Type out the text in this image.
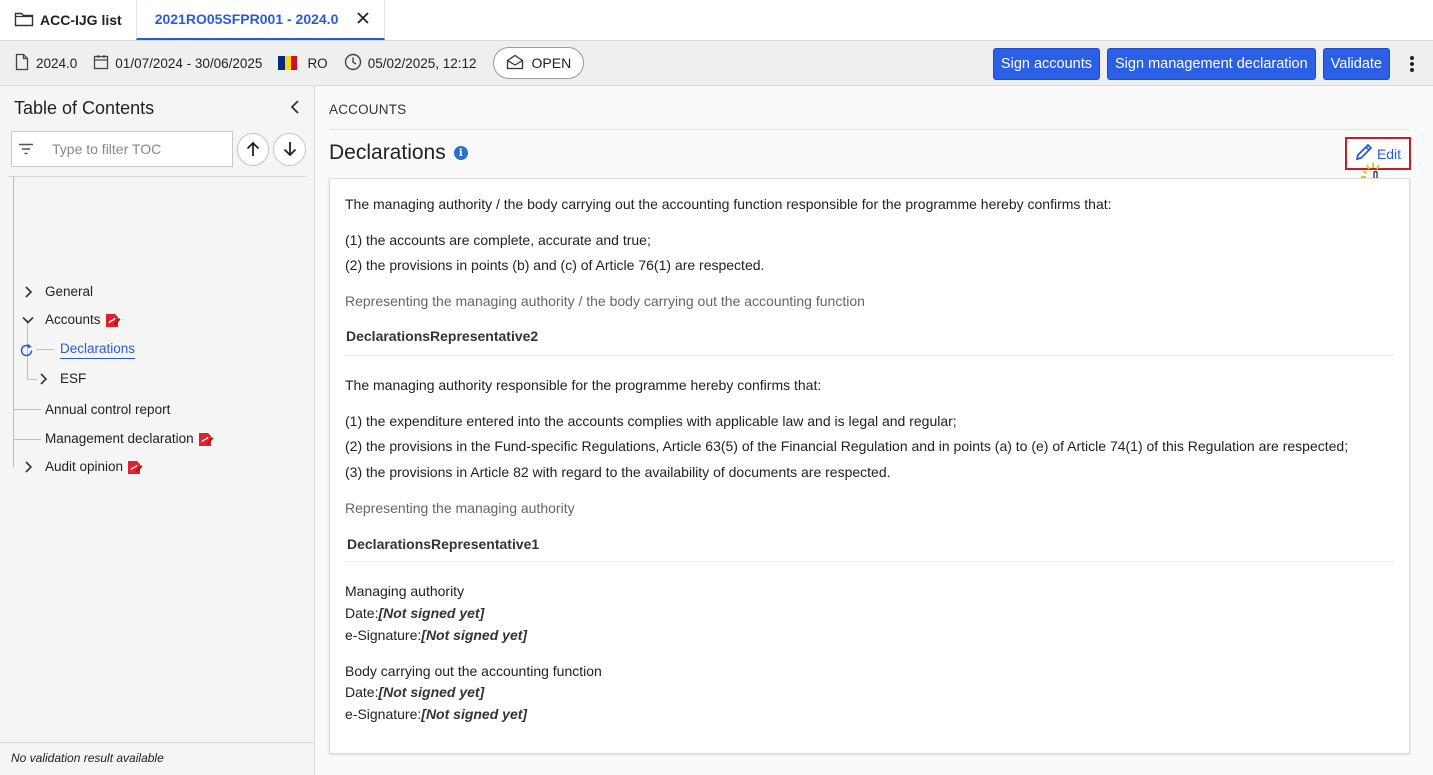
ACC-IJG list 2021RO05SFPR001 - 2024.0
2024.0	01/07/2024 - 30/06/2025	RO	05/02/2025, 12:12	OPEN	Sign accounts	Sign management declaration	Validate
Table of Contents
Type to filter TOC
General
Accounts
Declarations
ESF
Annual control report
Management declaration
Audit opinion
No validation result available
ACCOUNTS
Declarations	i	Edit
The managing authority / the body carrying out the accounting function responsible for the programme hereby confirms that:
(1) the accounts are complete, accurate and true;
(2) the provisions in points (b) and (c) of Article 76(1) are respected.
Representing the managing authority / the body carrying out the accounting function
DeclarationsRepresentative2
The managing authority responsible for the programme hereby confirms that:
(1) the expenditure entered into the accounts complies with applicable law and is legal and regular;
(2) the provisions in the Fund-specific Regulations, Article 63(5) of the Financial Regulation and in points (a) to (e) of Article 74(1) of this Regulation are respected;
(3) the provisions in Article 82 with regard to the availability of documents are respected.
Representing the managing authority
DeclarationsRepresentative1
Managing authority
Date:[Not signed yet]
e-Signature:[Not signed yet]
Body carrying out the accounting function
Date:[Not signed yet]
e-Signature:[Not signed yet]
